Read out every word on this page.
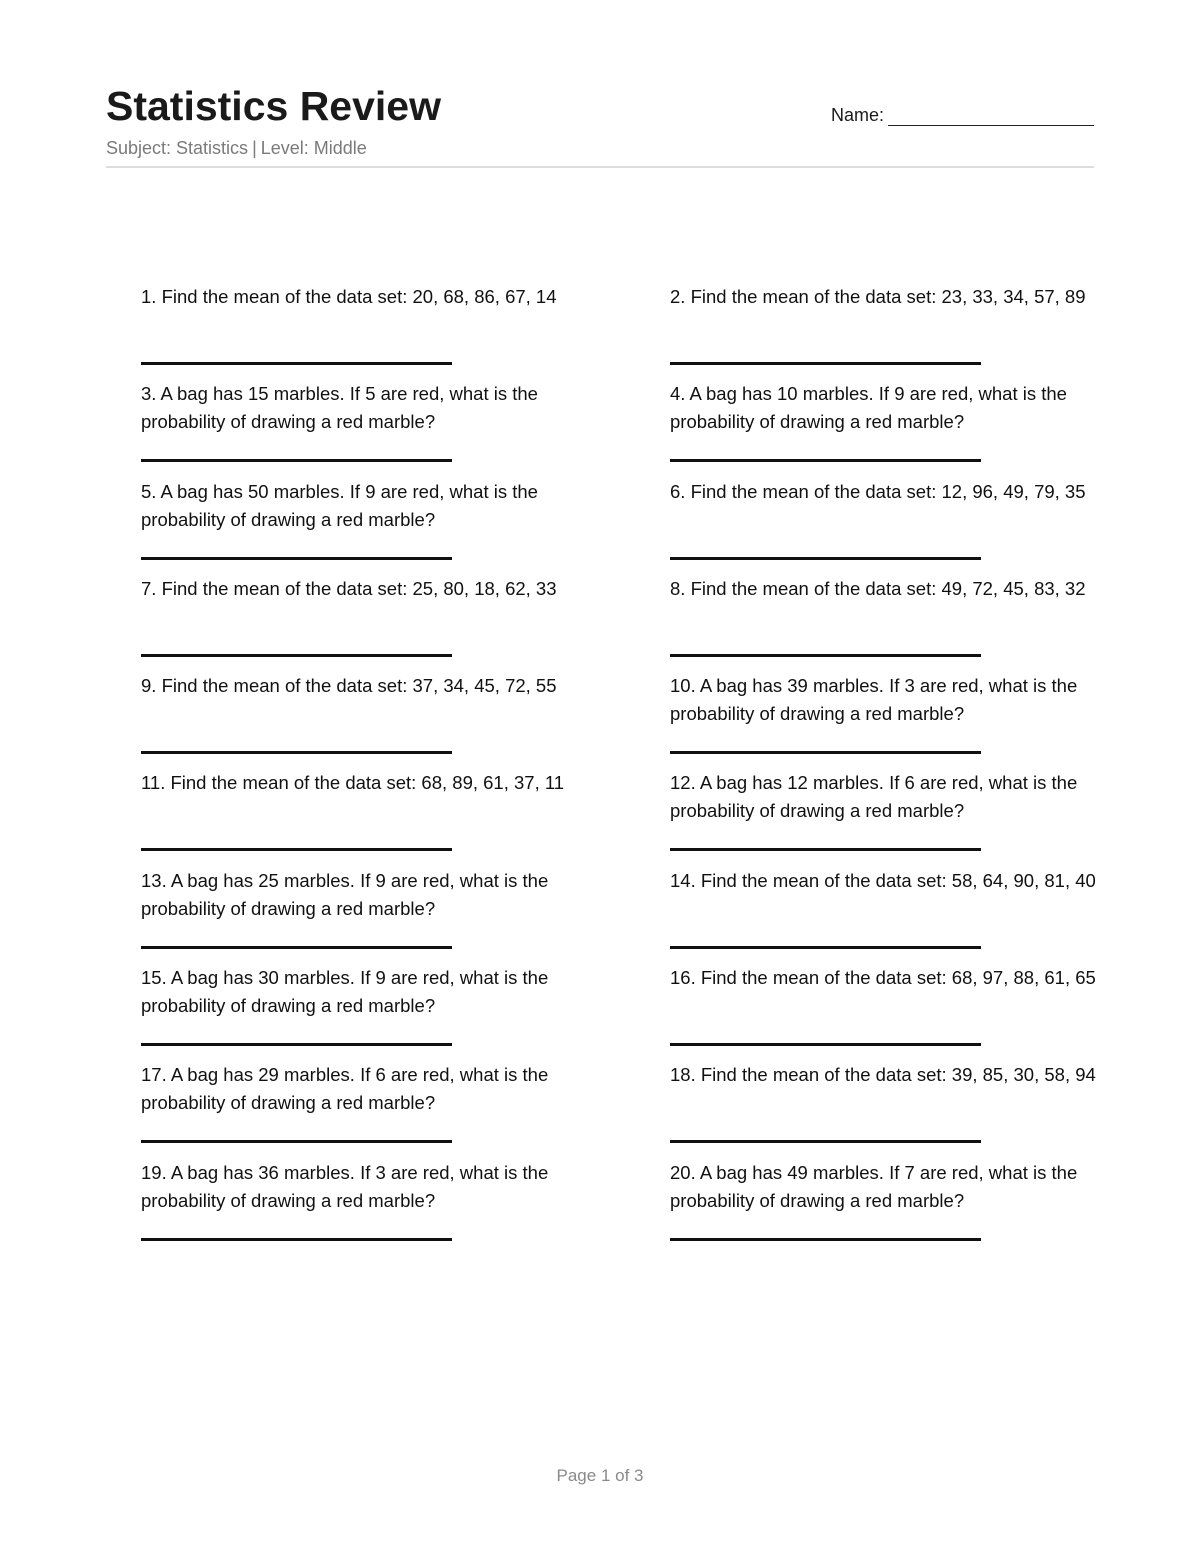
Statistics Review
Subject: Statistics | Level: Middle
Name:
1. Find the mean of the data set: 20, 68, 86, 67, 14	2. Find the mean of the data set: 23, 33, 34, 57, 89
3. A bag has 15 marbles. If 5 are red, what is the probability of drawing a red marble?
4. A bag has 10 marbles. If 9 are red, what is the probability of drawing a red marble?
5. A bag has 50 marbles. If 9 are red, what is the probability of drawing a red marble?
6. Find the mean of the data set: 12, 96, 49, 79, 35
7. Find the mean of the data set: 25, 80, 18, 62, 33	8. Find the mean of the data set: 49, 72, 45, 83, 32
9. Find the mean of the data set: 37, 34, 45, 72, 55	10. A bag has 39 marbles. If 3 are red, what is the probability of drawing a red marble?
11. Find the mean of the data set: 68, 89, 61, 37, 11	12. A bag has 12 marbles. If 6 are red, what is the probability of drawing a red marble?
13. A bag has 25 marbles. If 9 are red, what is the probability of drawing a red marble?
14. Find the mean of the data set: 58, 64, 90, 81, 40
15. A bag has 30 marbles. If 9 are red, what is the probability of drawing a red marble?
16. Find the mean of the data set: 68, 97, 88, 61, 65
17. A bag has 29 marbles. If 6 are red, what is the probability of drawing a red marble?
18. Find the mean of the data set: 39, 85, 30, 58, 94
19. A bag has 36 marbles. If 3 are red, what is the probability of drawing a red marble?
20. A bag has 49 marbles. If 7 are red, what is the probability of drawing a red marble?
Page 1 of 3
